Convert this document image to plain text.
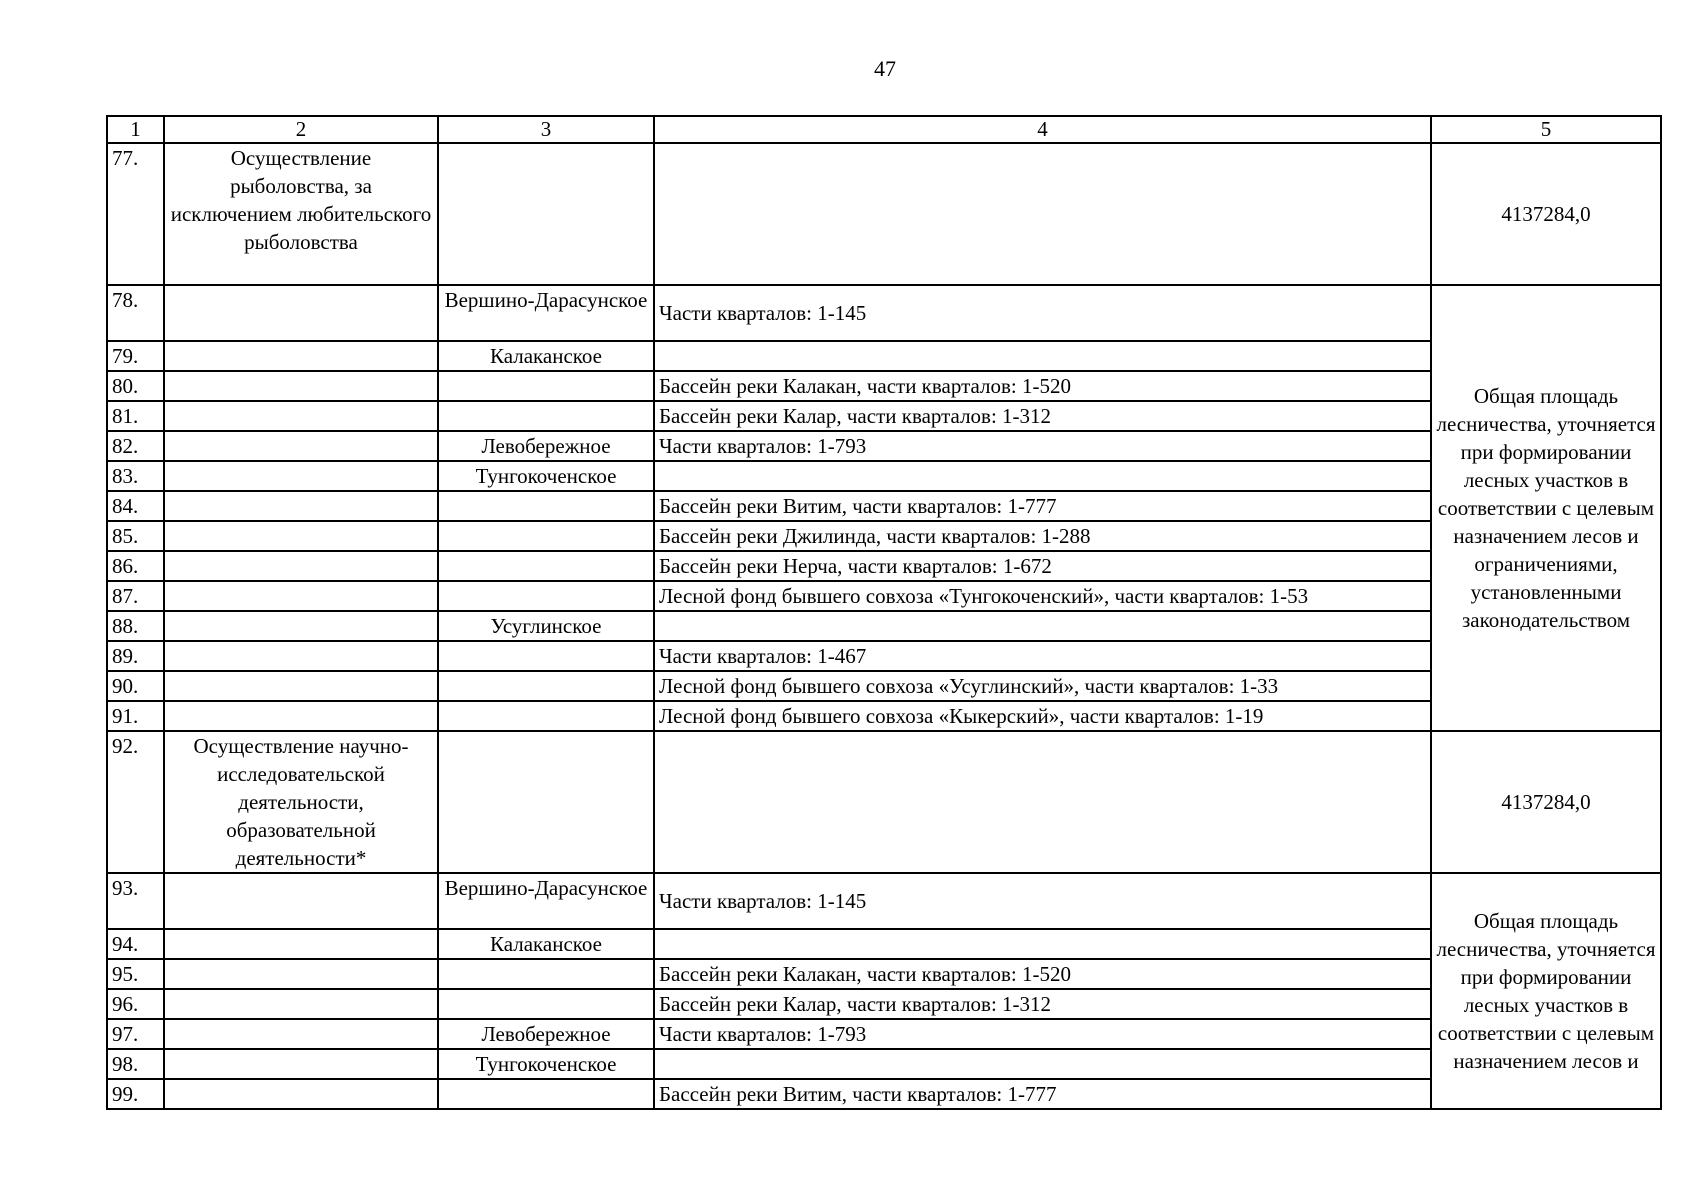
47
1	2	3	4	5
77.	Осуществление рыболовства, за исключением любительского рыболовства			4137284,0
78.		Вершино-Дарасунское	Части кварталов: 1-145	Общая площадь лесничества, уточняется при формировании лесных участков в соответствии с целевым назначением лесов и ограничениями, установленными законодательством
79.		Калаканское		
80.			Бассейн реки Калакан, части кварталов: 1-520	
81.			Бассейн реки Калар, части кварталов: 1-312	
82.		Левобережное	Части кварталов: 1-793	
83.		Тунгокоченское		
84.			Бассейн реки Витим, части кварталов: 1-777	
85.			Бассейн реки Джилинда, части кварталов: 1-288	
86.			Бассейн реки Нерча, части кварталов: 1-672	
87.			Лесной фонд бывшего совхоза «Тунгокоченский», части кварталов: 1-53	
88.		Усуглинское		
89.			Части кварталов: 1-467	
90.			Лесной фонд бывшего совхоза «Усуглинский», части кварталов: 1-33	
91.			Лесной фонд бывшего совхоза «Кыкерский», части кварталов: 1-19	
92.	Осуществление научно-исследовательской деятельности, образовательной деятельности*			4137284,0
93.		Вершино-Дарасунское	Части кварталов: 1-145	Общая площадь лесничества, уточняется при формировании лесных участков в соответствии с целевым назначением лесов и
94.		Калаканское		
95.			Бассейн реки Калакан, части кварталов: 1-520	
96.			Бассейн реки Калар, части кварталов: 1-312	
97.		Левобережное	Части кварталов: 1-793	
98.		Тунгокоченское		
99.			Бассейн реки Витим, части кварталов: 1-777	
